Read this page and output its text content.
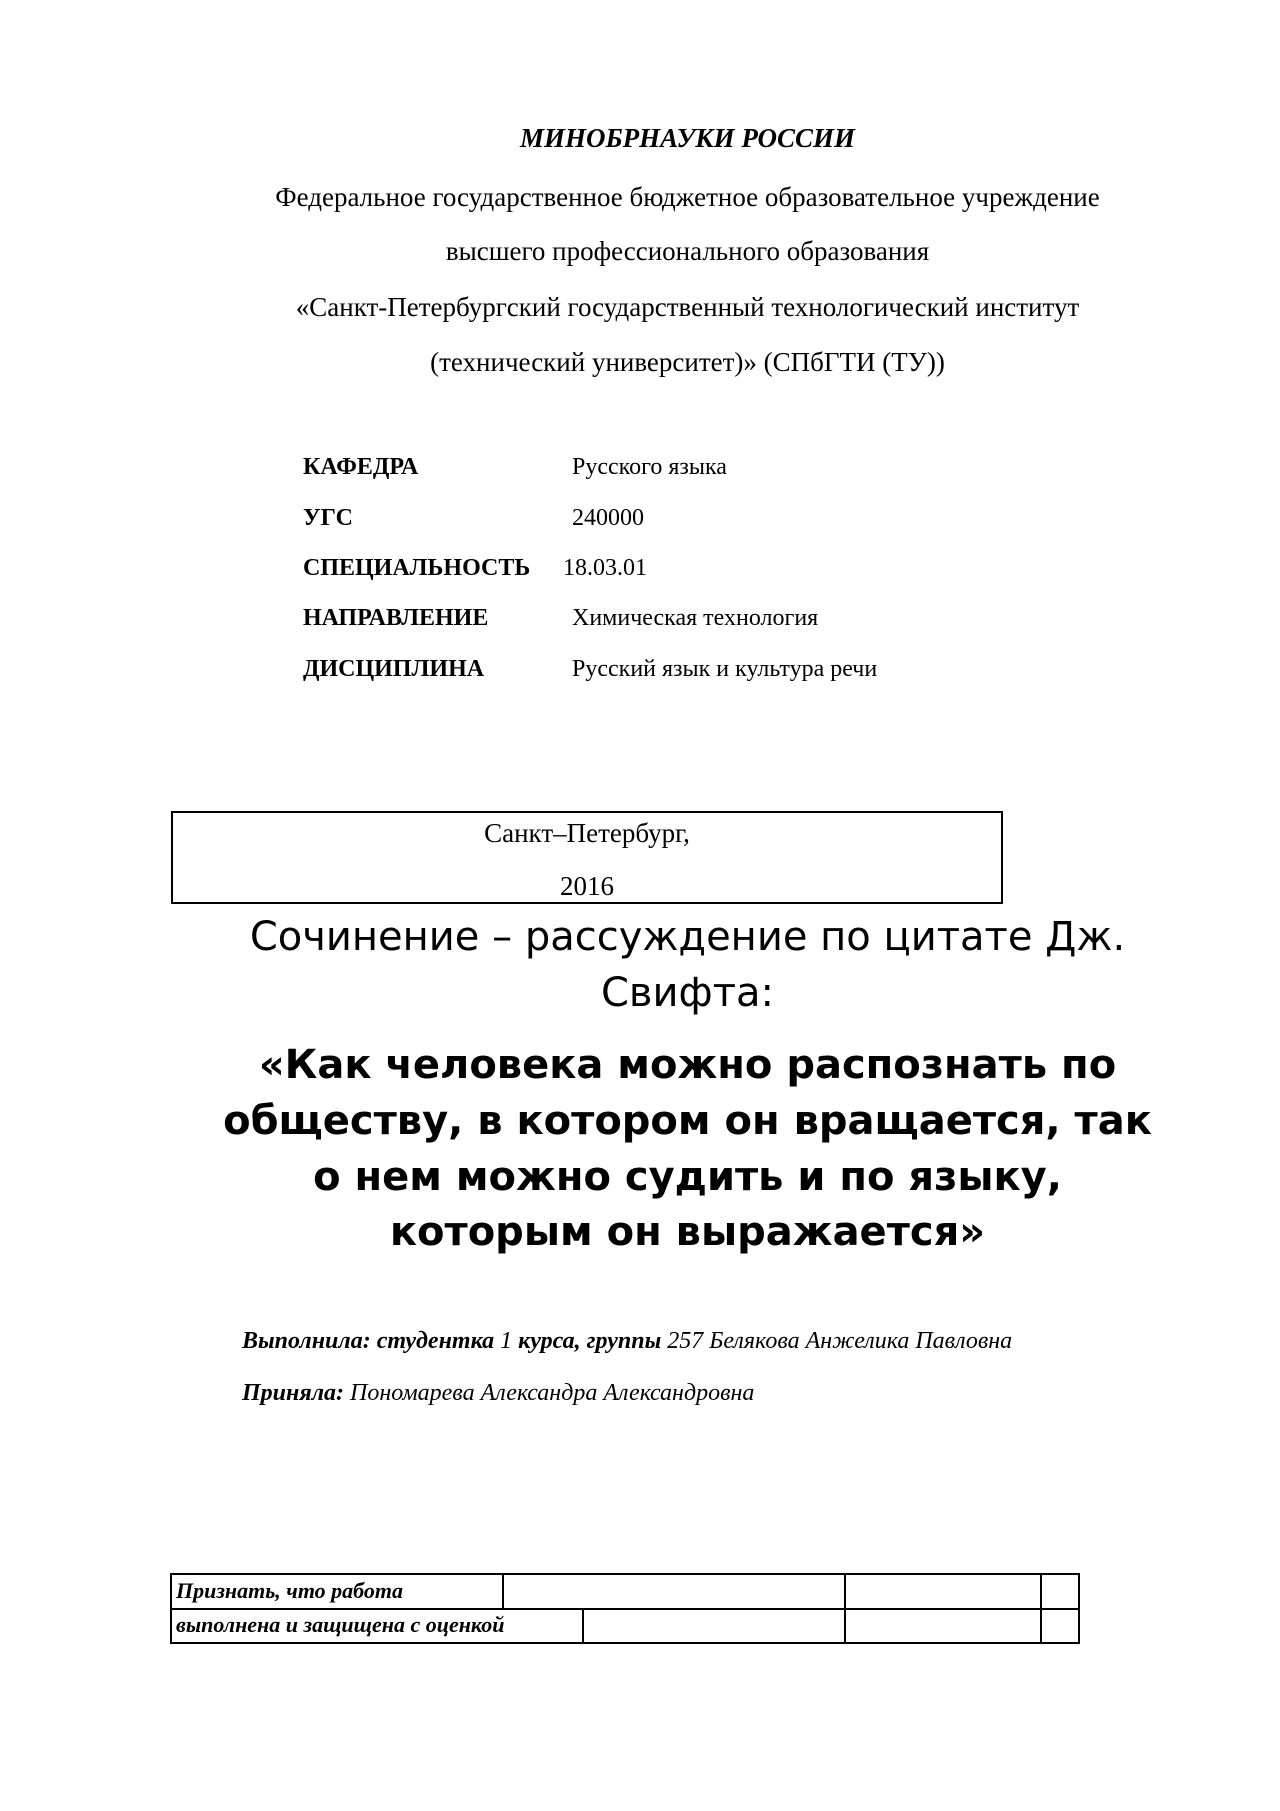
МИНОБРНАУКИ РОССИИ
Федеральное государственное бюджетное образовательное учреждение
высшего профессионального образования
«Санкт-Петербургский государственный технологический институт
(технический университет)» (СПбГТИ (ТУ))
КАФЕДРА	Русского языка
УГС	240000
СПЕЦИАЛЬНОСТЬ 18.03.01
НАПРАВЛЕНИЕ	Химическая технология
ДИСЦИПЛИНА	Русский язык и культура речи
Санкт–Петербург,
2016
Сочинение – рассуждение по цитате Дж.
Свифта:
«Как человека можно распознать по
обществу, в котором он вращается, так
о нем можно судить и по языку,
которым он выражается»
Выполнила: студентка 1 курса, группы 257 Белякова Анжелика Павловна
Приняла: Пономарева Александра Александровна
Признать, что работа
выполнена и защищена с оценкой
